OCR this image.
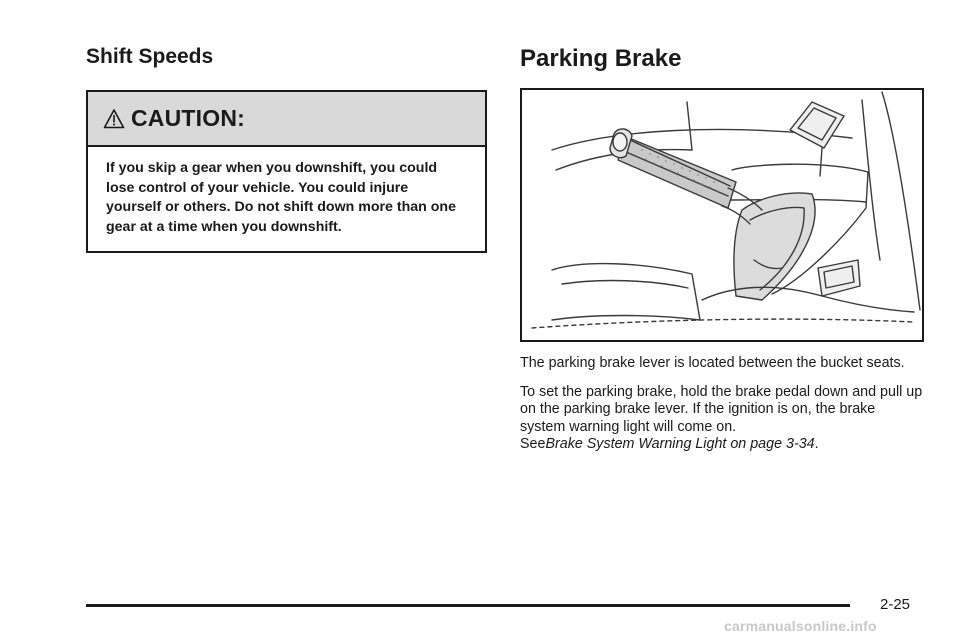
Shift Speeds
CAUTION:
If you skip a gear when you downshift, you could lose control of your vehicle. You could injure yourself or others. Do not shift down more than one gear at a time when you downshift.
Parking Brake

The parking brake lever is located between the bucket seats.

To set the parking brake, hold the brake pedal down and pull up on the parking brake lever. If the ignition is on, the brake system warning light will come on.
SeeBrake System Warning Light on page 3-34.

2-25
carmanualsonline.info
